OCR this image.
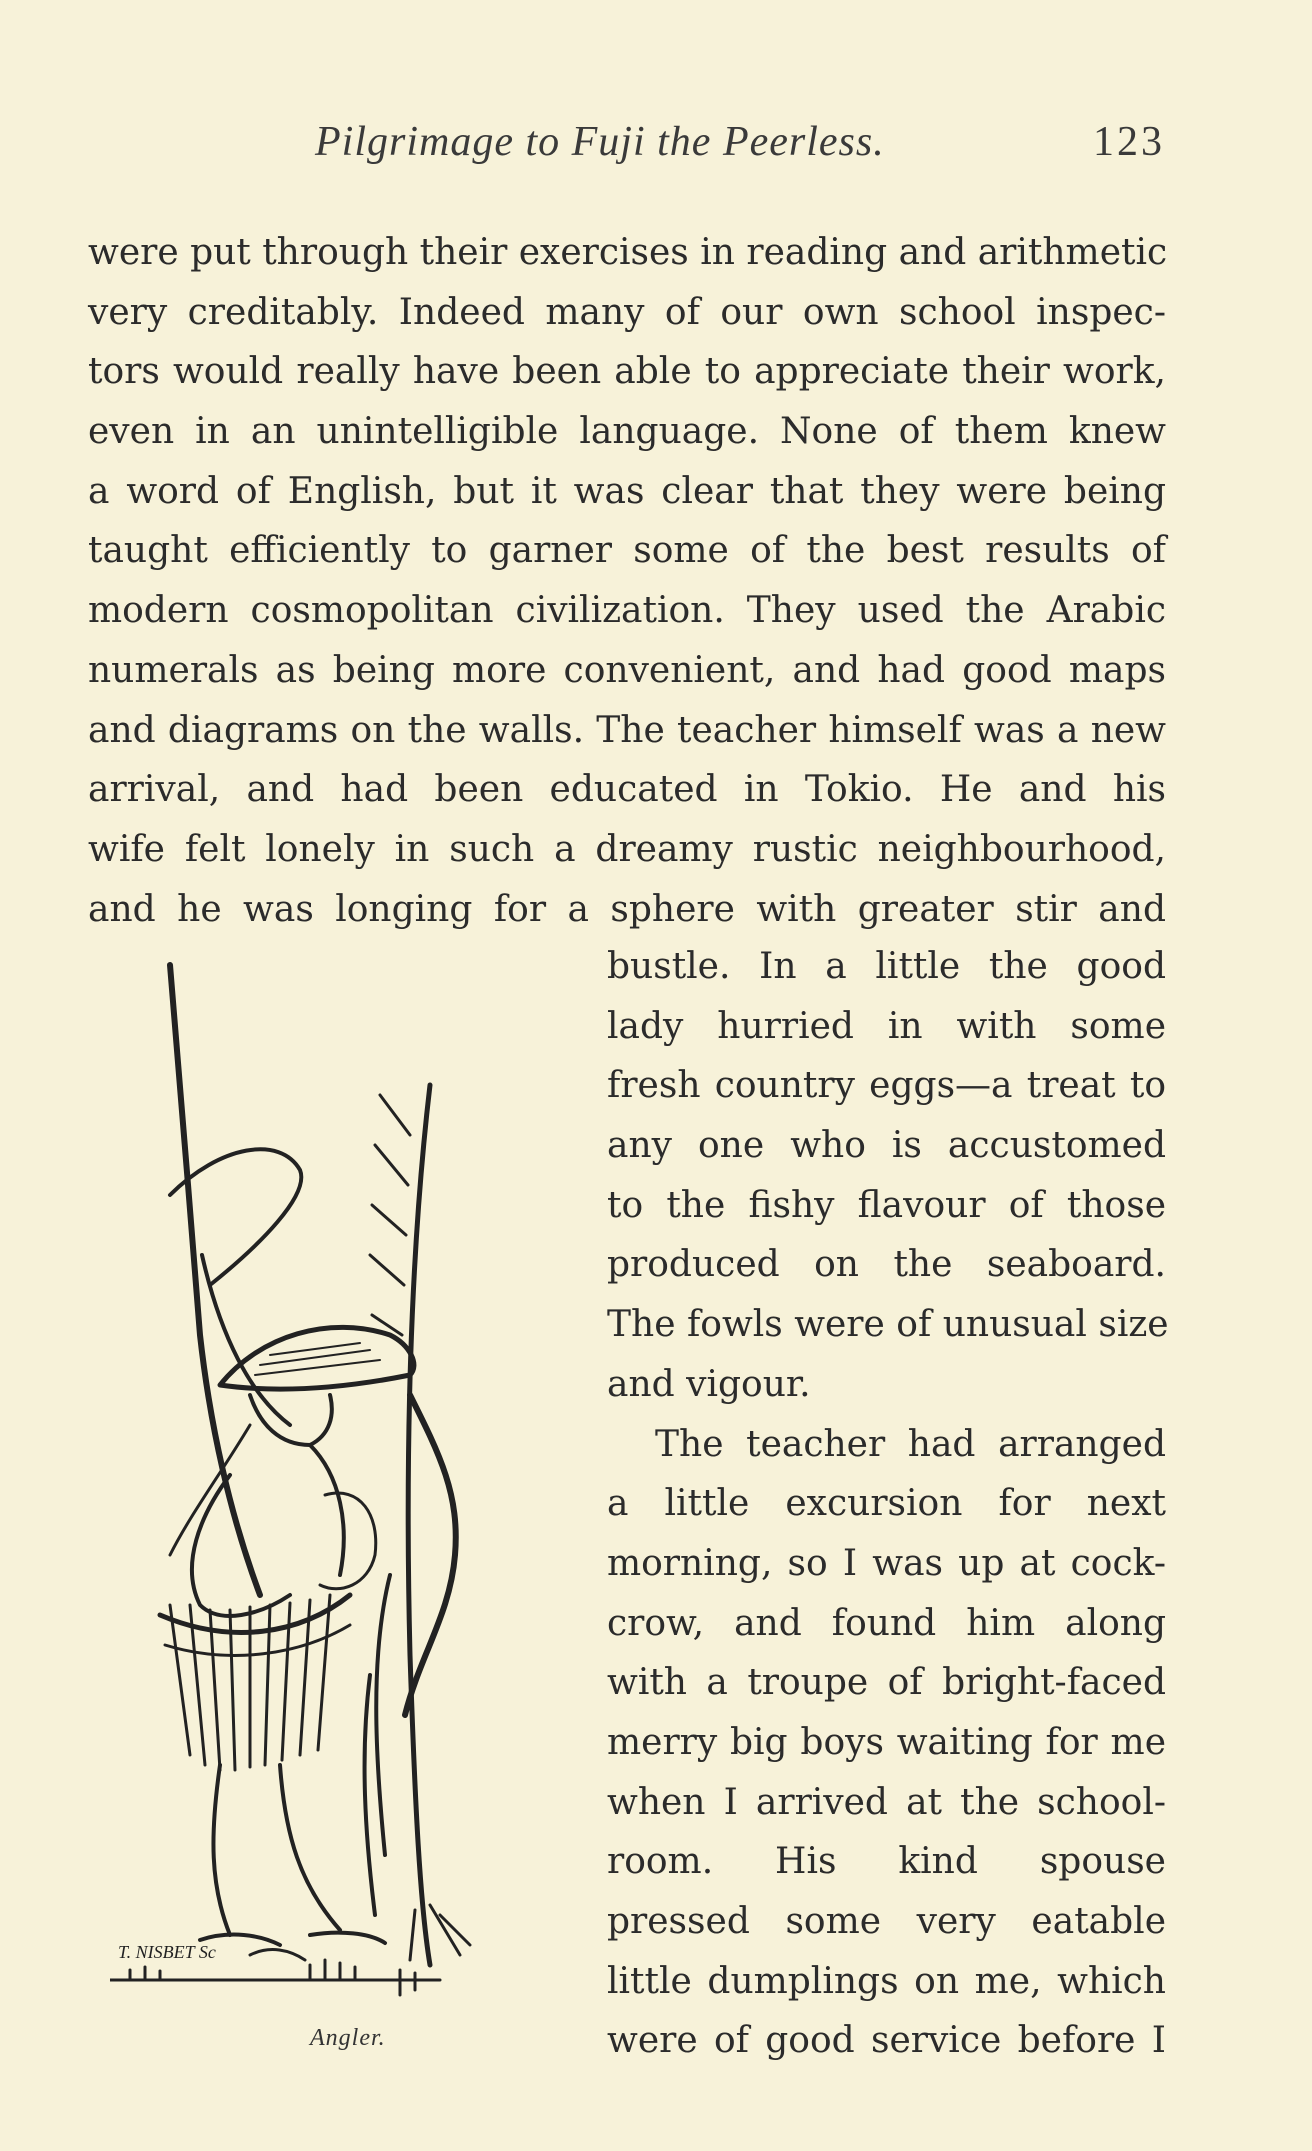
Pilgrimage to Fuji the Peerless.	123
were put through their exercises in reading and arithmetic
very creditably. Indeed many of our own school inspec-
tors would really have been able to appreciate their work,
even in an unintelligible language. None of them knew
a word of English, but it was clear that they were being
taught efficiently to garner some of the best results of
modern cosmopolitan civilization. They used the Arabic
numerals as being more convenient, and had good maps
and diagrams on the walls. The teacher himself was a new
arrival, and had been educated in Tokio. He and his
wife felt lonely in such a dreamy rustic neighbourhood,
and he was longing for a sphere with greater stir and
bustle. In a little the good
lady hurried in with some
fresh country eggs—a treat to
any one who is accustomed
to the fishy flavour of those
produced on the seaboard.
The fowls were of unusual size
and vigour.
The teacher had arranged
a little excursion for next
morning, so I was up at cock-
crow, and found him along
with a troupe of bright-faced
merry big boys waiting for me
when I arrived at the school-
room. His kind spouse
pressed some very eatable
little dumplings on me, which
were of good service before I
T. NISBET Sc
Angler.
